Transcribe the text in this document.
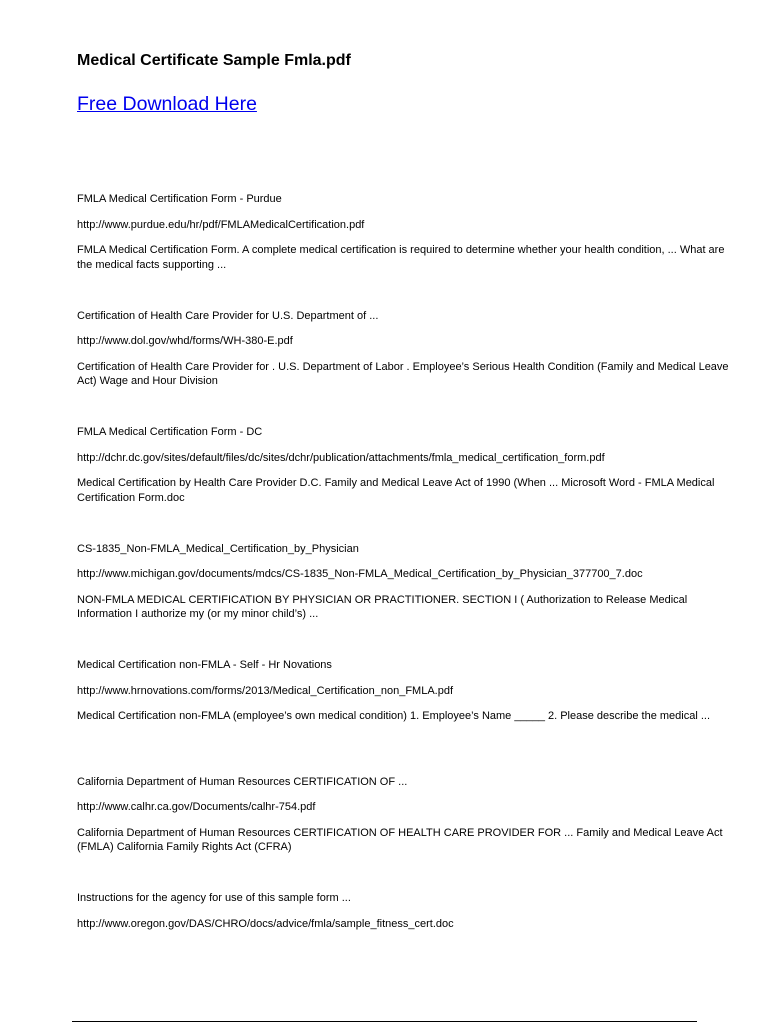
Medical Certificate Sample Fmla.pdf
Free Download Here

FMLA Medical Certification Form - Purdue

http://www.purdue.edu/hr/pdf/FMLAMedicalCertification.pdf

FMLA Medical Certification Form. A complete medical certification is required to determine whether your health condition, ... What are the medical facts supporting ...

Certification of Health Care Provider for U.S. Department of ...

http://www.dol.gov/whd/forms/WH-380-E.pdf

Certification of Health Care Provider for . U.S. Department of Labor . Employee’s Serious Health Condition (Family and Medical Leave Act) Wage and Hour Division

FMLA Medical Certification Form - DC

http://dchr.dc.gov/sites/default/files/dc/sites/dchr/publication/attachments/fmla_medical_certification_form.pdf

Medical Certification by Health Care Provider D.C. Family and Medical Leave Act of 1990 (When ... Microsoft Word - FMLA Medical Certification Form.doc

CS-1835_Non-FMLA_Medical_Certification_by_Physician

http://www.michigan.gov/documents/mdcs/CS-1835_Non-FMLA_Medical_Certification_by_Physician_377700_7.doc

NON-FMLA MEDICAL CERTIFICATION BY PHYSICIAN OR PRACTITIONER. SECTION I ( Authorization to Release Medical Information I authorize my (or my minor child’s) ...

Medical Certification non-FMLA - Self - Hr Novations

http://www.hrnovations.com/forms/2013/Medical_Certification_non_FMLA.pdf

Medical Certification non-FMLA (employee’s own medical condition) 1. Employee’s Name _____ 2. Please describe the medical ...

California Department of Human Resources CERTIFICATION OF ...

http://www.calhr.ca.gov/Documents/calhr-754.pdf

California Department of Human Resources CERTIFICATION OF HEALTH CARE PROVIDER FOR ... Family and Medical Leave Act (FMLA) California Family Rights Act (CFRA)

Instructions for the agency for use of this sample form ...

http://www.oregon.gov/DAS/CHRO/docs/advice/fmla/sample_fitness_cert.doc
